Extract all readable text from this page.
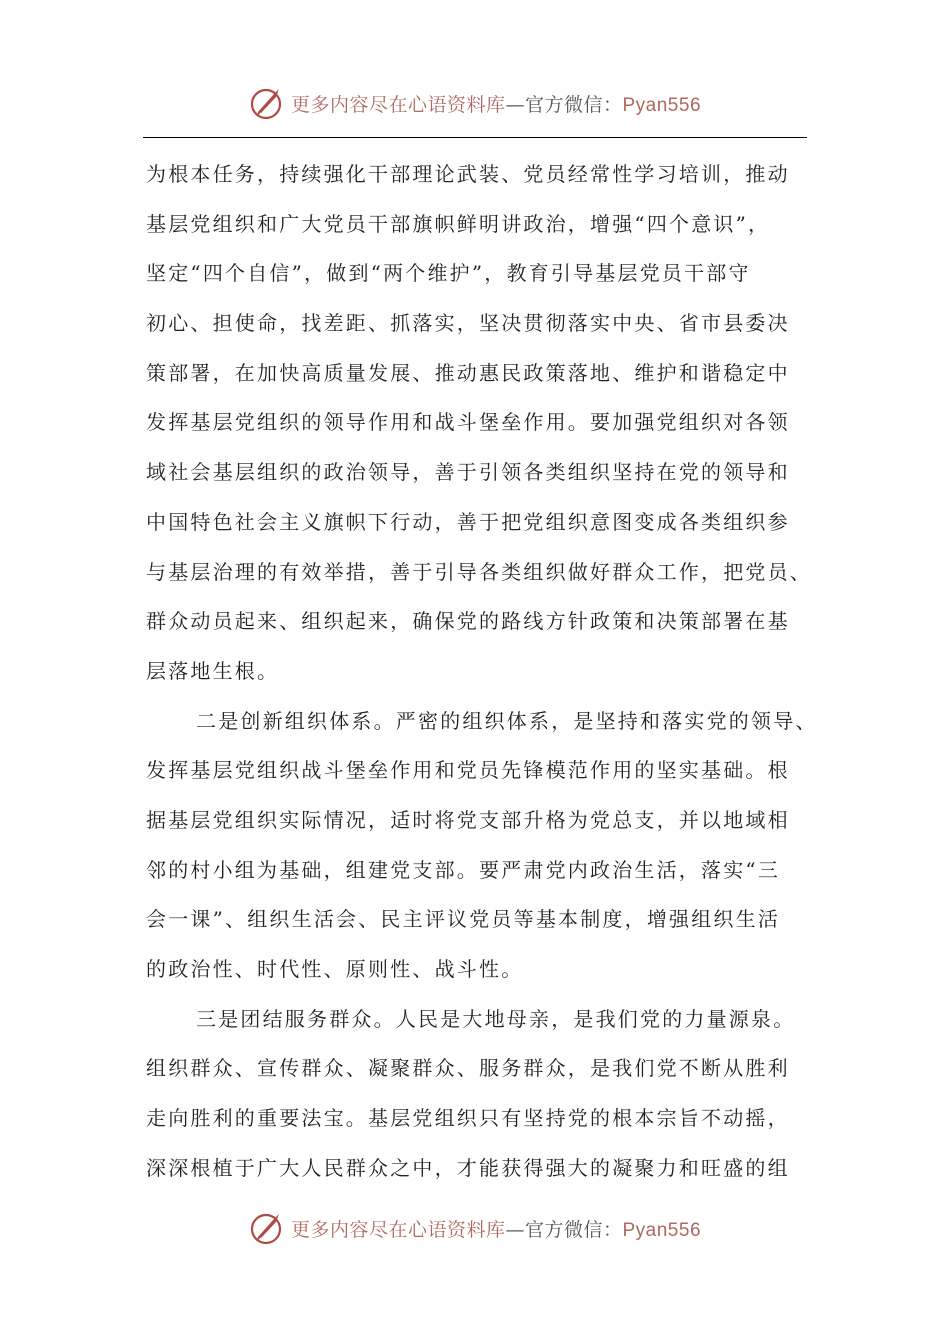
更多内容尽在心语资料库—官方微信：Pyan556
为根本任务，持续强化干部理论武装、党员经常性学习培训，推动
基层党组织和广大党员干部旗帜鲜明讲政治，增强“四个意识”，
坚定“四个自信”，做到“两个维护”，教育引导基层党员干部守
初心、担使命，找差距、抓落实，坚决贯彻落实中央、省市县委决
策部署，在加快高质量发展、推动惠民政策落地、维护和谐稳定中
发挥基层党组织的领导作用和战斗堡垒作用。要加强党组织对各领
域社会基层组织的政治领导，善于引领各类组织坚持在党的领导和
中国特色社会主义旗帜下行动，善于把党组织意图变成各类组织参
与基层治理的有效举措，善于引导各类组织做好群众工作，把党员、
群众动员起来、组织起来，确保党的路线方针政策和决策部署在基
层落地生根。
二是创新组织体系。严密的组织体系，是坚持和落实党的领导、
发挥基层党组织战斗堡垒作用和党员先锋模范作用的坚实基础。根
据基层党组织实际情况，适时将党支部升格为党总支，并以地域相
邻的村小组为基础，组建党支部。要严肃党内政治生活，落实“三
会一课”、组织生活会、民主评议党员等基本制度，增强组织生活
的政治性、时代性、原则性、战斗性。
三是团结服务群众。人民是大地母亲，是我们党的力量源泉。
组织群众、宣传群众、凝聚群众、服务群众，是我们党不断从胜利
走向胜利的重要法宝。基层党组织只有坚持党的根本宗旨不动摇，
深深根植于广大人民群众之中，才能获得强大的凝聚力和旺盛的组
更多内容尽在心语资料库—官方微信：Pyan556
